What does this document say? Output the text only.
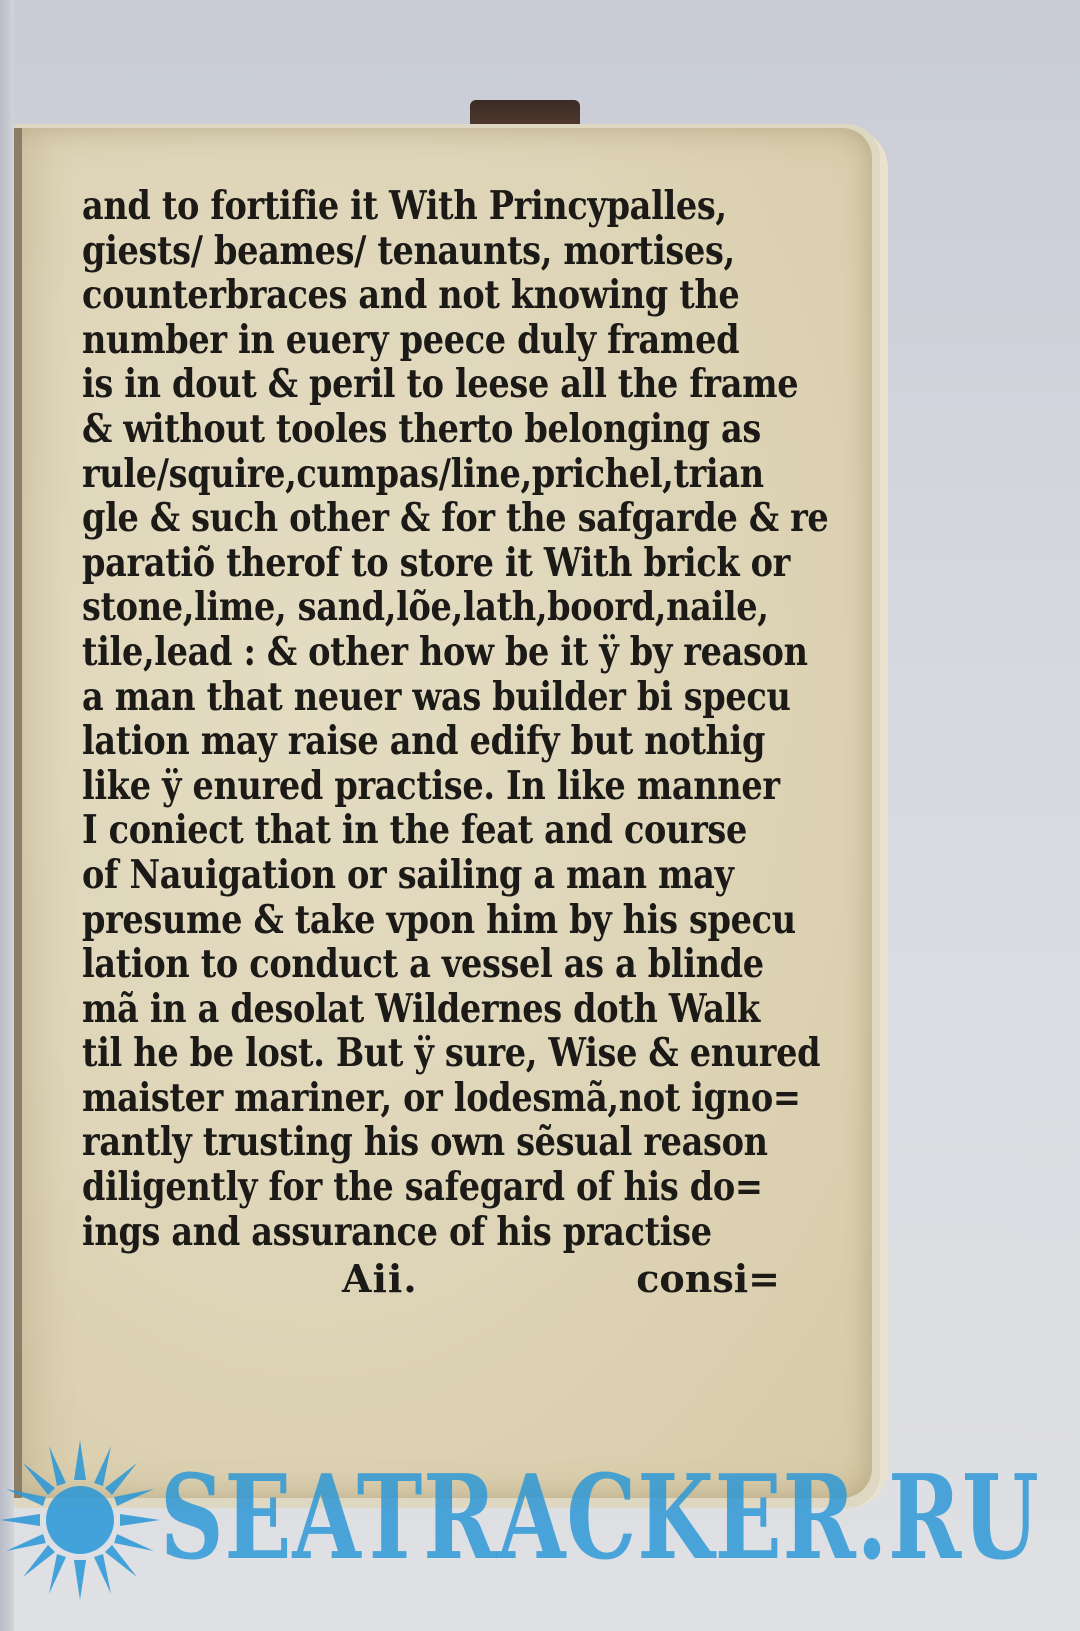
and to fortifie it With Princypalles,
giests/ beames/ tenaunts, mortises,
counterbraces and not knowing the
number in euery peece duly framed
is in dout & peril to leese all the frame
& without tooles therto belonging as
rule/squire,cumpas/line,prichel,trian
gle & such other & for the safgarde & re
paratiõ therof to store it With brick or
stone,lime, sand,lõe,lath,boord,naile,
tile,lead : & other how be it ÿ by reason
a man that neuer was builder bi specu
lation may raise and edify but nothig
like ÿ enured practise. In like manner
I coniect that in the feat and course
of Nauigation or sailing a man may
presume & take vpon him by his specu
lation to conduct a vessel as a blinde
mã in a desolat Wildernes doth Walk
til he be lost. But ÿ sure, Wise & enured
maister mariner, or lodesmã,not igno=
rantly trusting his own sẽsual reason
diligently for the safegard of his do=
ings and assurance of his practise
Aii.	consi=
SEATRACKER.RU
